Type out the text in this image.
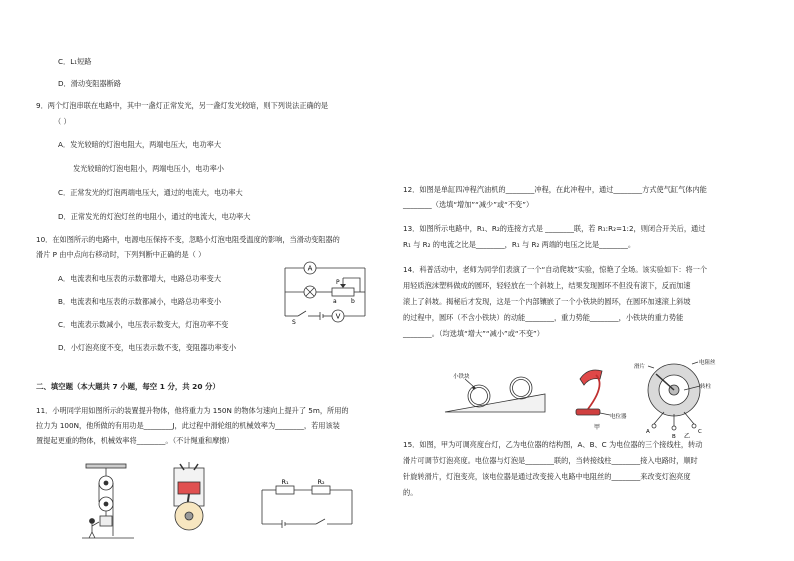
C．L₁短路
D．滑动变阻器断路
9．两个灯泡串联在电路中，其中一盏灯正常发光，另一盏灯发光较暗，则下列说法正确的是
（ ）
A．发光较暗的灯泡电阻大，两端电压大，电功率大
发光较暗的灯泡电阻小，两端电压小，电功率小
C．正常发光的灯泡两端电压大，通过的电流大，电功率大
D．正常发光的灯泡灯丝的电阻小，通过的电流大，电功率大
10．在如图所示的电路中，电源电压保持不变，忽略小灯泡电阻受温度的影响，当滑动变阻器的
滑片 P 由中点向右移动时，下列判断中正确的是（ ）
A．电流表和电压表的示数都增大，电路总功率变大
B．电流表和电压表的示数都减小，电路总功率变小
C．电流表示数减小，电压表示数变大，灯泡功率不变
D．小灯泡亮度不变，电压表示数不变，变阻器功率变小
A
V
P
a b
S
二、填空题（本大题共 7 小题，每空 1 分，共 20 分）
11．小明同学用如图所示的装置提升物体，他将重力为 150N 的物体匀速向上提升了 5m，所用的
拉力为 100N，他所做的有用功是________J，此过程中滑轮组的机械效率为________，若用该装
置提起更重的物体，机械效率将________。（不计绳重和摩擦）
R₁	R₂
12．如图是单缸四冲程汽油机的________冲程，在此冲程中，通过________方式使气缸气体内能
________（选填“增加”“减少”或“不变”）
13．如图所示电路中，R₁、R₂的连接方式是 ________联，若 R₁:R₂=1:2，则闭合开关后，通过
R₁ 与 R₂ 的电流之比是________，R₁ 与 R₂ 两端的电压之比是________。
14．科普活动中，老师为同学们表演了一个“自动爬坡”实验，惊艳了全场。该实验如下：将一个
用轻质泡沫塑料做成的圆环，轻轻放在一个斜坡上，结果发现圆环不但没有滚下，反而加速
滚上了斜坡。揭秘后才发现，这是一个内部镶嵌了一个小铁块的圆环，在圆环加速滚上斜坡
的过程中，圆环（不含小铁块）的动能________，重力势能________，小铁块的重力势能
________。（均选填“增大”“减小”或“不变”）
小铁块
电位器
甲
电阻丝
滑片
转柱
A
B
C
乙
15．如图，甲为可调亮度台灯，乙为电位器的结构图，A、B、C 为电位器的三个接线柱，转动
滑片可调节灯泡亮度。电位器与灯泡是________联的，当转接线柱________接入电路时，顺时
针旋转滑片，灯泡变亮，该电位器是通过改变接入电路中电阻丝的________来改变灯泡亮度
的。
